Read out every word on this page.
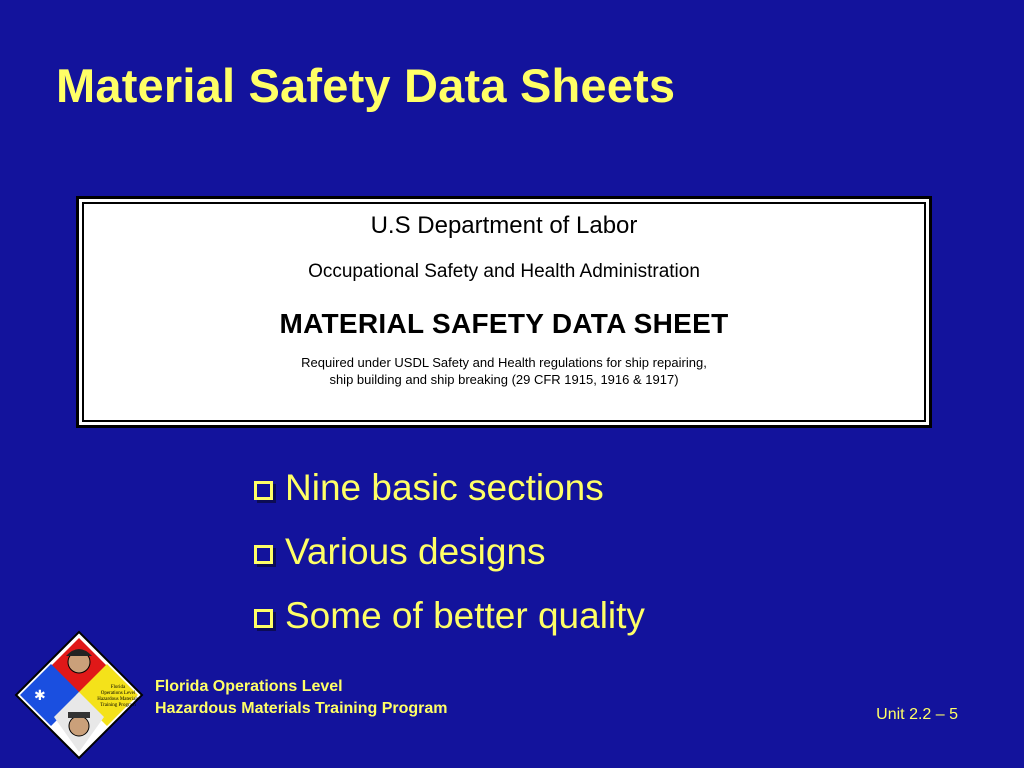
Material Safety Data Sheets
U.S Department of Labor
Occupational Safety and Health Administration
MATERIAL SAFETY DATA SHEET
Required under USDL Safety and Health regulations for ship repairing,
ship building and ship breaking (29 CFR 1915, 1916 & 1917)
Nine basic sections
Various designs
Some of better quality
✱
Florida
Operations Level
Hazardous Materials
Training Program
Florida Operations Level
Hazardous Materials Training Program	Unit 2.2 – 5
